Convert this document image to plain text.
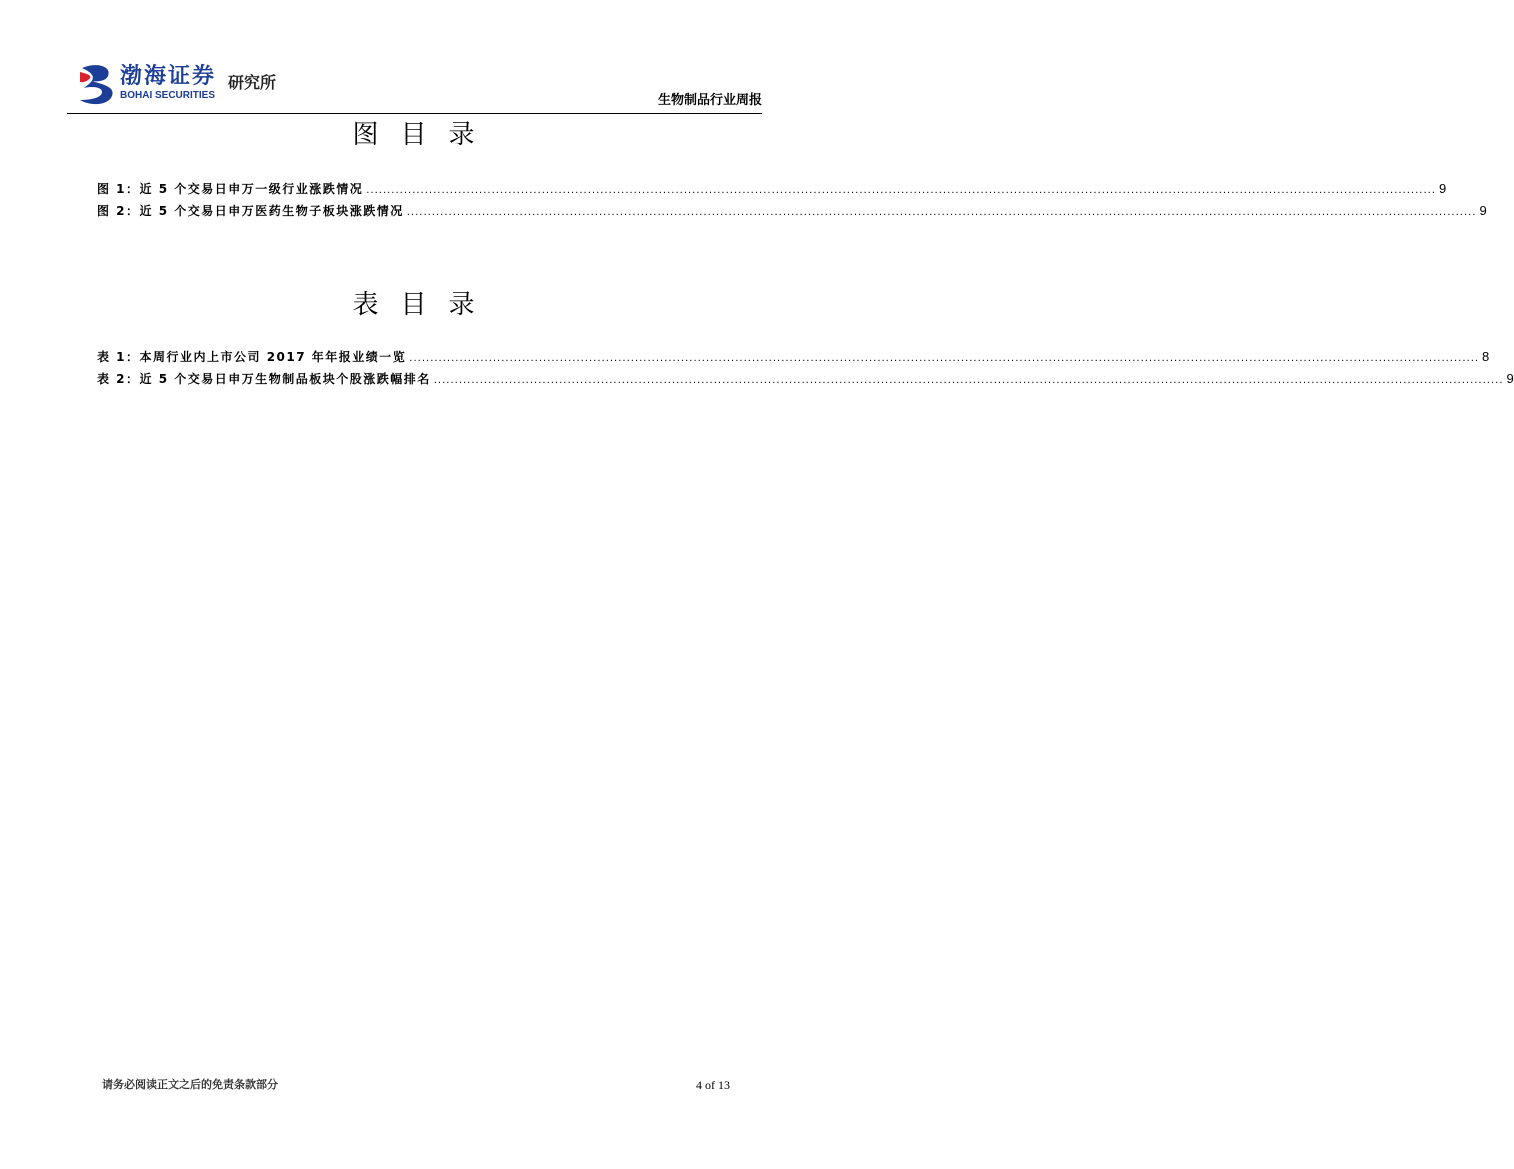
渤海证券
BOHAI SECURITIES
研究所
生物制品行业周报
图目录
图 1：近 5 个交易日申万一级行业涨跌情况 ................................................................................................................................................................................................................................................................ 9
图 2：近 5 个交易日申万医药生物子板块涨跌情况 ................................................................................................................................................................................................................................................................ 9
表目录
表 1：本周行业内上市公司 2017 年年报业绩一览 ................................................................................................................................................................................................................................................................ 8
表 2：近 5 个交易日申万生物制品板块个股涨跌幅排名 ................................................................................................................................................................................................................................................................ 9
请务必阅读正文之后的免责条款部分	4 of 13
